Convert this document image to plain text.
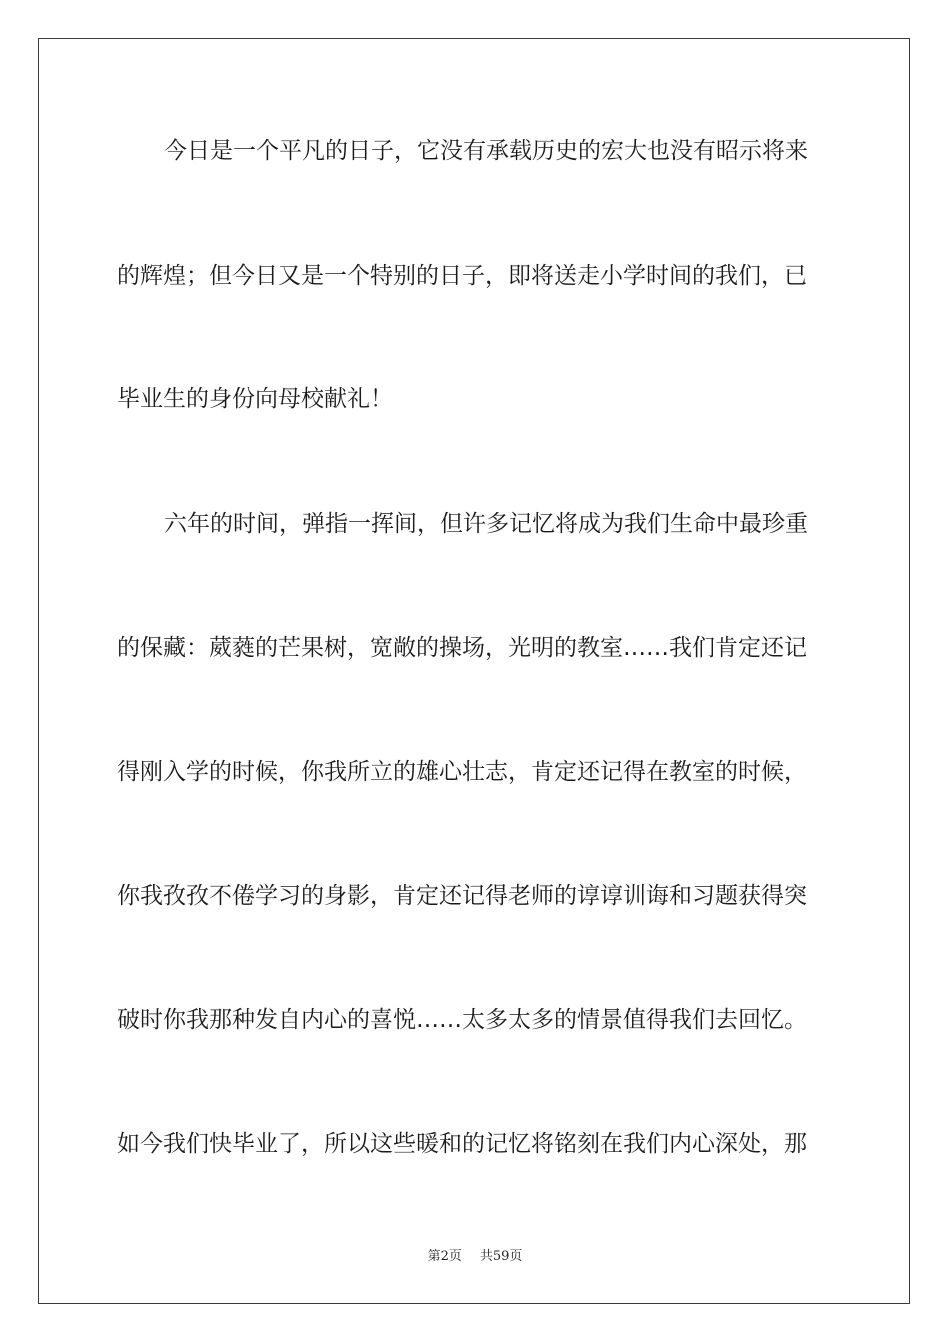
今日是一个平凡的日子，它没有承载历史的宏大也没有昭示将来
的辉煌；但今日又是一个特别的日子，即将送走小学时间的我们，已
毕业生的身份向母校献礼！
六年的时间，弹指一挥间，但许多记忆将成为我们生命中最珍重
的保藏：葳蕤的芒果树，宽敞的操场，光明的教室……我们肯定还记
得刚入学的时候，你我所立的雄心壮志，肯定还记得在教室的时候，
你我孜孜不倦学习的身影，肯定还记得老师的谆谆训诲和习题获得突
破时你我那种发自内心的喜悦……太多太多的情景值得我们去回忆。
如今我们快毕业了，所以这些暖和的记忆将铭刻在我们内心深处，那
第2页 共59页
